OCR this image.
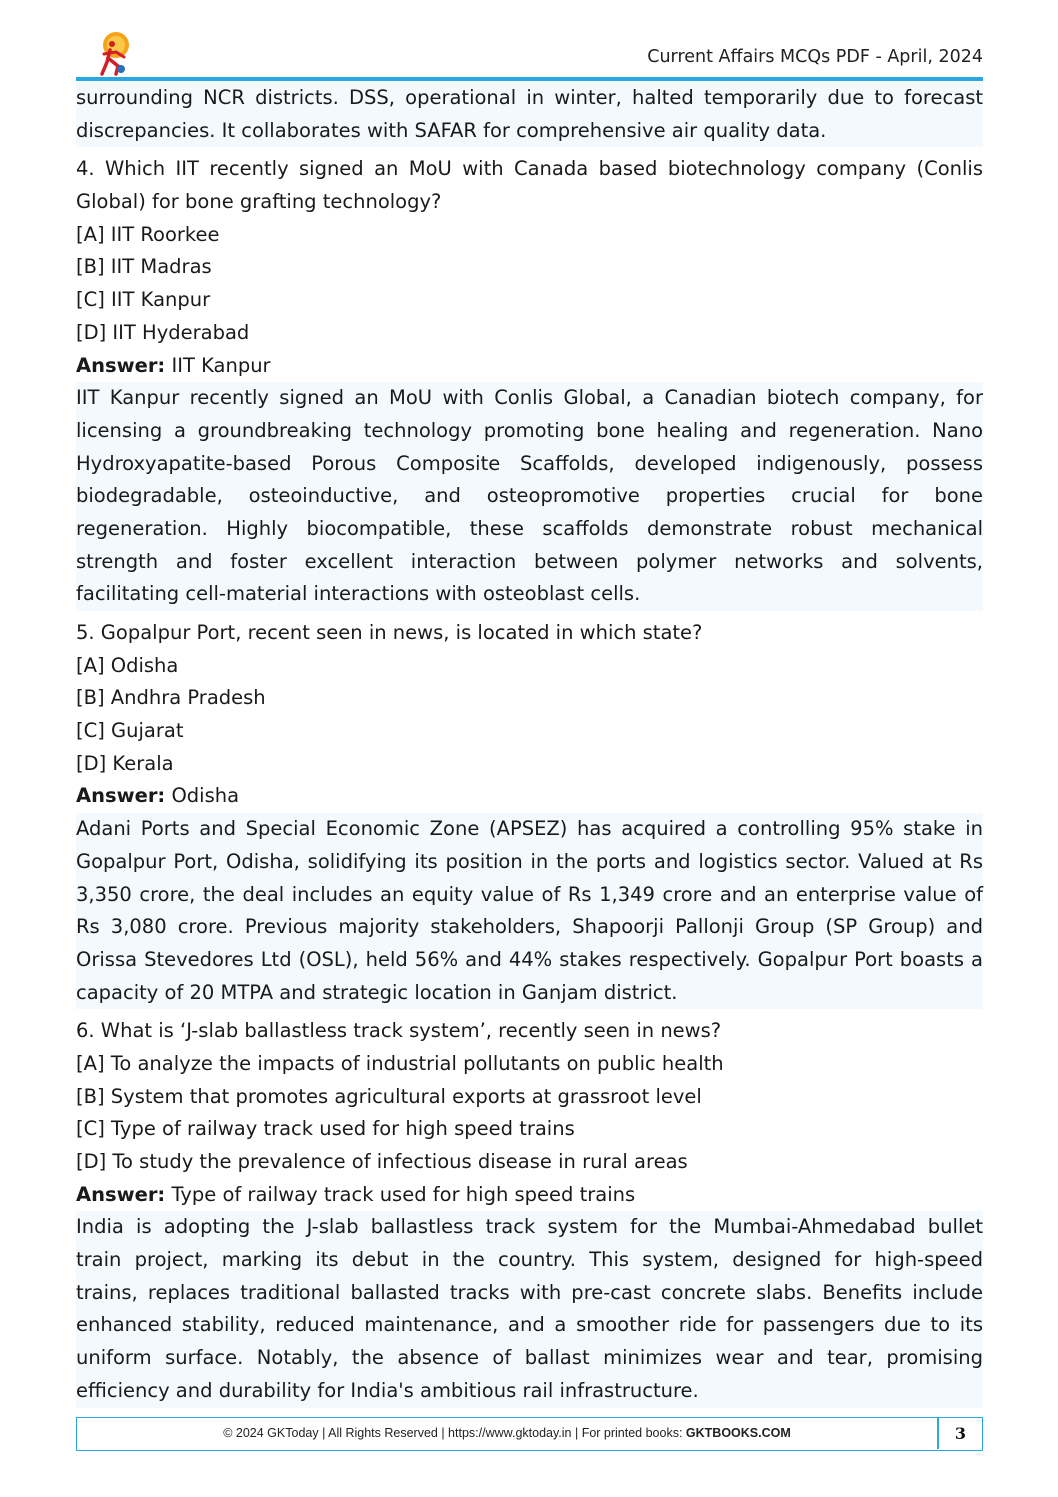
Current Affairs MCQs PDF - April, 2024
surrounding NCR districts. DSS, operational in winter, halted temporarily due to forecast
discrepancies. It collaborates with SAFAR for comprehensive air quality data.
4. Which IIT recently signed an MoU with Canada based biotechnology company (Conlis
Global) for bone grafting technology?
[A] IIT Roorkee
[B] IIT Madras
[C] IIT Kanpur
[D] IIT Hyderabad
Answer: IIT Kanpur
IIT Kanpur recently signed an MoU with Conlis Global, a Canadian biotech company, for
licensing a groundbreaking technology promoting bone healing and regeneration. Nano
Hydroxyapatite-based Porous Composite Scaffolds, developed indigenously, possess
biodegradable, osteoinductive, and osteopromotive properties crucial for bone
regeneration. Highly biocompatible, these scaffolds demonstrate robust mechanical
strength and foster excellent interaction between polymer networks and solvents,
facilitating cell-material interactions with osteoblast cells.
5. Gopalpur Port, recent seen in news, is located in which state?
[A] Odisha
[B] Andhra Pradesh
[C] Gujarat
[D] Kerala
Answer: Odisha
Adani Ports and Special Economic Zone (APSEZ) has acquired a controlling 95% stake in
Gopalpur Port, Odisha, solidifying its position in the ports and logistics sector. Valued at Rs
3,350 crore, the deal includes an equity value of Rs 1,349 crore and an enterprise value of
Rs 3,080 crore. Previous majority stakeholders, Shapoorji Pallonji Group (SP Group) and
Orissa Stevedores Ltd (OSL), held 56% and 44% stakes respectively. Gopalpur Port boasts a
capacity of 20 MTPA and strategic location in Ganjam district.
6. What is ‘J-slab ballastless track system’, recently seen in news?
[A] To analyze the impacts of industrial pollutants on public health
[B] System that promotes agricultural exports at grassroot level
[C] Type of railway track used for high speed trains
[D] To study the prevalence of infectious disease in rural areas
Answer: Type of railway track used for high speed trains
India is adopting the J-slab ballastless track system for the Mumbai-Ahmedabad bullet
train project, marking its debut in the country. This system, designed for high-speed
trains, replaces traditional ballasted tracks with pre-cast concrete slabs. Benefits include
enhanced stability, reduced maintenance, and a smoother ride for passengers due to its
uniform surface. Notably, the absence of ballast minimizes wear and tear, promising
efficiency and durability for India's ambitious rail infrastructure.
© 2024 GKToday | All Rights Reserved | https://www.gktoday.in | For printed books: GKTBOOKS.COM	3
